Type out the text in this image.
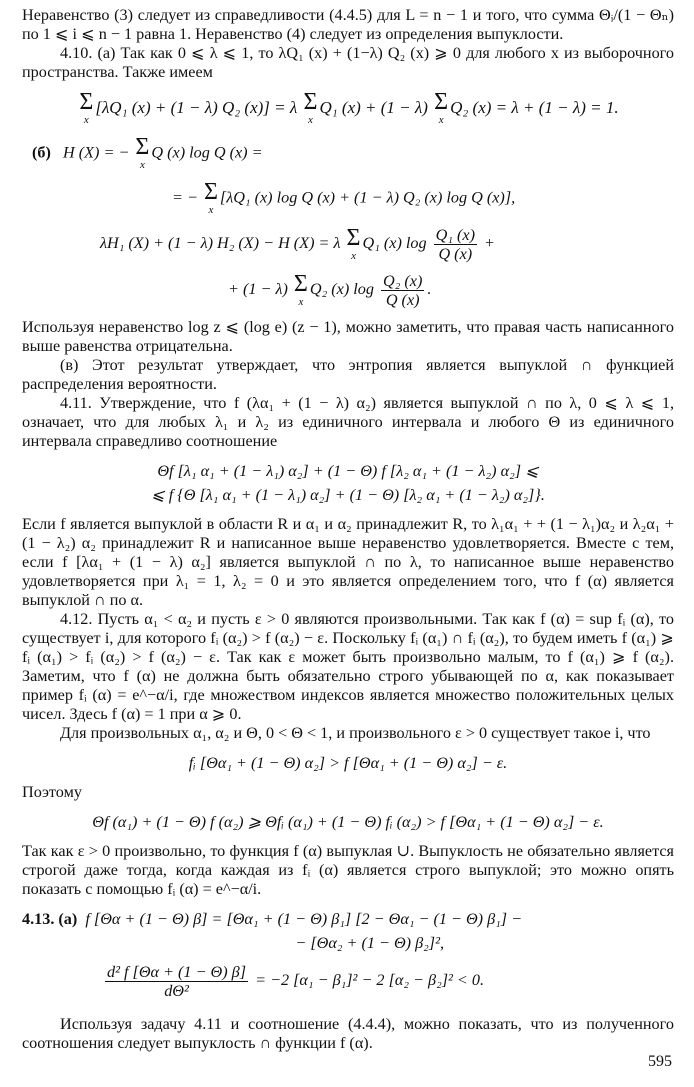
Неравенство (3) следует из справедливости (4.4.5) для L = n − 1 и того, что сумма Θᵢ/(1 − Θₙ) по 1 ⩽ i ⩽ n − 1 равна 1. Неравенство (4) следует из определения выпуклости.

4.10. (а) Так как 0 ⩽ λ ⩽ 1, то λQ₁ (x) + (1−λ) Q₂ (x) ⩾ 0 для любого x из выборочного пространства. Также имеем

Σ
x
[λQ₁ (x) + (1 − λ) Q₂ (x)] = λ Σ
x
Q₁ (x) + (1 − λ) Σ
x
Q₂ (x) = λ + (1 − λ) = 1.
(б) H (X) = − Σ
x
Q (x) log Q (x) =
= − Σ
x
[λQ₁ (x) log Q (x) + (1 − λ) Q₂ (x) log Q (x)],
λH₁ (X) + (1 − λ) H₂ (X) − H (X) = λ Σ
x
Q₁ (x) $\log \frac{\text{Q₁ (x)}}{Q (x)}$ +
+ (1 − λ) Σ
x
Q₂ (x) $\log \frac{\text{Q₂ (x)}}{Q (x)}$ .

Используя неравенство log z ⩽ (log e) (z − 1), можно заметить, что правая часть написанного выше равенства отрицательна.

(в) Этот результат утверждает, что энтропия является выпуклой ∩ функцией распределения вероятности.

4.11. Утверждение, что f (λα₁ + (1 − λ) α₂) является выпуклой ∩ по λ, 0 ⩽ λ ⩽ 1, означает, что для любых λ₁ и λ₂ из единичного интервала и любого Θ из единичного интервала справедливо соотношение

Θf [λ₁ α₁ + (1 − λ₁) α₂] + (1 − Θ) f [λ₂ α₁ + (1 − λ₂) α₂] ⩽
⩽ f {Θ [λ₁ α₁ + (1 − λ₁) α₂] + (1 − Θ) [λ₂ α₁ + (1 − λ₂) α₂]}.

Если f является выпуклой в области R и α₁ и α₂ принадлежит R, то λ₁α₁ + + (1 − λ₁)α₂ и λ₂α₁ + (1 − λ₂) α₂ принадлежит R и написанное выше неравенство удовлетворяется. Вместе с тем, если f [λα₁ + (1 − λ) α₂] является выпуклой ∩ по λ, то написанное выше неравенство удовлетворяется при λ₁ = 1, λ₂ = 0 и это является определением того, что f (α) является выпуклой ∩ по α.

4.12. Пусть α₁ < α₂ и пусть ε > 0 являются произвольными. Так как f (α) = sup fᵢ (α), то существует i, для которого fᵢ (α₂) > f (α₂) − ε. Поскольку fᵢ (α₁) ∩ fᵢ (α₂), то будем иметь f (α₁) ⩾ fᵢ (α₁) > fᵢ (α₂) > f (α₂) − ε. Так как ε может быть произвольно малым, то f (α₁) ⩾ f (α₂). Заметим, что f (α) не должна быть обязательно строго убывающей по α, как показывает пример fᵢ (α) = e^−α/i, где множеством индексов является множество положительных целых чисел. Здесь f (α) = 1 при α ⩾ 0.

Для произвольных α₁, α₂ и Θ, 0 < Θ < 1, и произвольного ε > 0 существует такое i, что

fᵢ [Θα₁ + (1 − Θ) α₂] > f [Θα₁ + (1 − Θ) α₂] − ε.

Поэтому

Θf (α₁) + (1 − Θ) f (α₂) ⩾ Θfᵢ (α₁) + (1 − Θ) fᵢ (α₂) > f [Θα₁ + (1 − Θ) α₂] − ε.

Так как ε > 0 произвольно, то функция f (α) выпуклая ∪. Выпуклость не обязательно является строгой даже тогда, когда каждая из fᵢ (α) является строго выпуклой; это можно опять показать с помощью fᵢ (α) = e^−α/i.

4.13. (а) f [Θα + (1 − Θ) β] = [Θα₁ + (1 − Θ) β₁] [2 − Θα₁ − (1 − Θ) β₁] −
− [Θα₂ + (1 − Θ) β₂]²,
$\frac{\text{d² f [Θα + (1 − Θ) β]}}{\text{dΘ²}} = -2$ [α₁ − β₁]² − 2 [α₂ − β₂]² < 0.

Используя задачу 4.11 и соотношение (4.4.4), можно показать, что из полученного соотношения следует выпуклость ∩ функции f (α).

595
